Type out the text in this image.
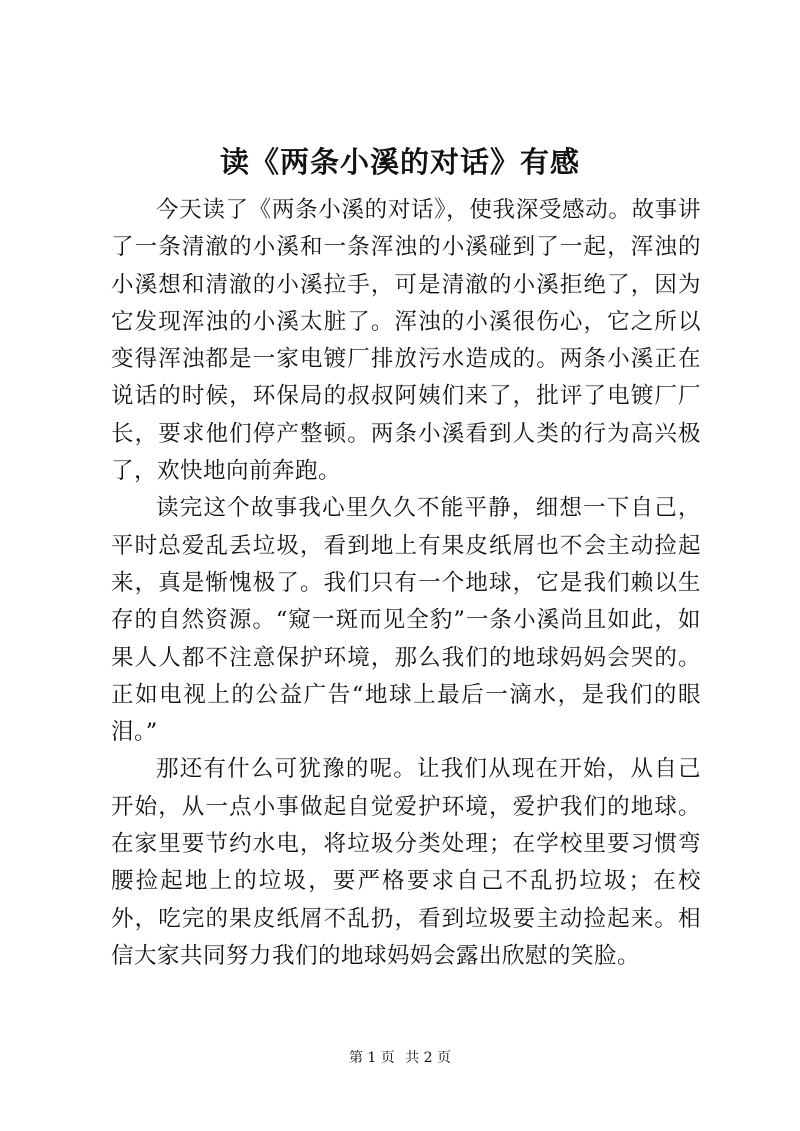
读《两条小溪的对话》有感

今天读了《两条小溪的对话》，使我深受感动。故事讲了一条清澈的小溪和一条浑浊的小溪碰到了一起，浑浊的小溪想和清澈的小溪拉手，可是清澈的小溪拒绝了，因为它发现浑浊的小溪太脏了。浑浊的小溪很伤心，它之所以变得浑浊都是一家电镀厂排放污水造成的。两条小溪正在说话的时候，环保局的叔叔阿姨们来了，批评了电镀厂厂长，要求他们停产整顿。两条小溪看到人类的行为高兴极了，欢快地向前奔跑。

读完这个故事我心里久久不能平静，细想一下自己，平时总爱乱丢垃圾，看到地上有果皮纸屑也不会主动捡起来，真是惭愧极了。我们只有一个地球，它是我们赖以生存的自然资源。“窥一斑而见全豹”一条小溪尚且如此，如果人人都不注意保护环境，那么我们的地球妈妈会哭的。正如电视上的公益广告“地球上最后一滴水，是我们的眼泪。”

那还有什么可犹豫的呢。让我们从现在开始，从自己开始，从一点小事做起自觉爱护环境，爱护我们的地球。在家里要节约水电，将垃圾分类处理；在学校里要习惯弯腰捡起地上的垃圾，要严格要求自己不乱扔垃圾；在校外，吃完的果皮纸屑不乱扔，看到垃圾要主动捡起来。相信大家共同努力我们的地球妈妈会露出欣慰的笑脸。

第 1 页 共 2 页
